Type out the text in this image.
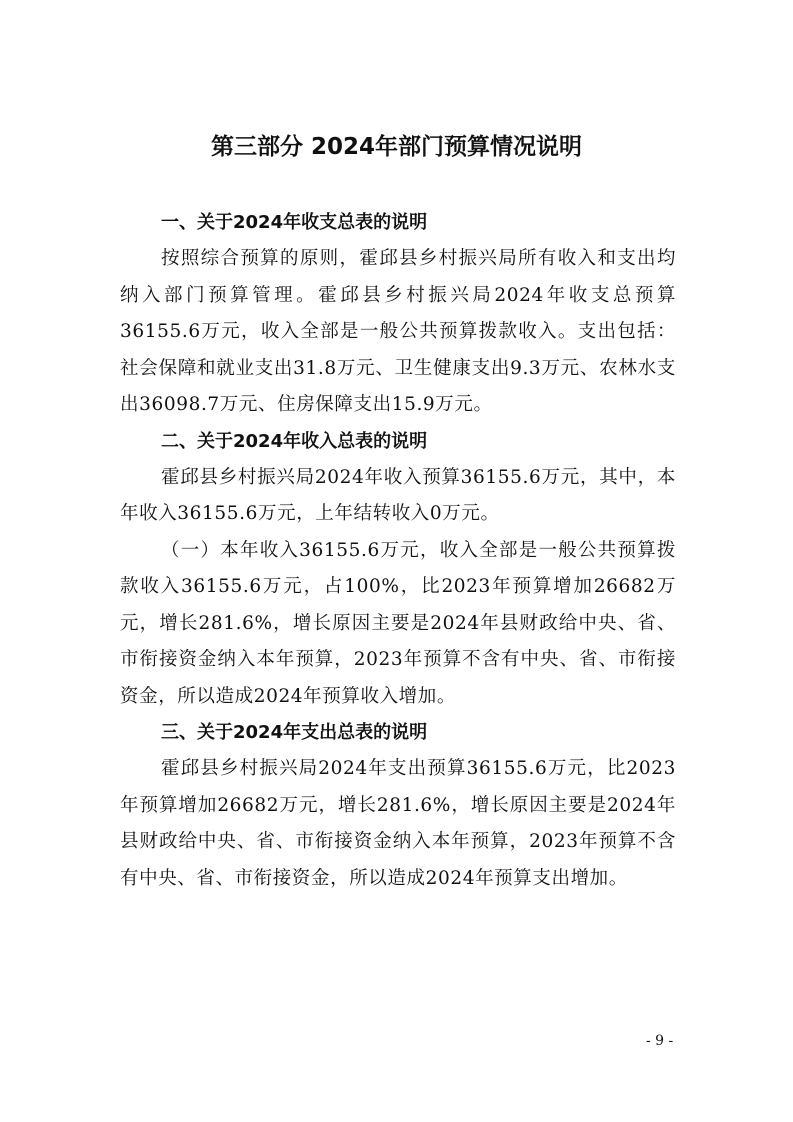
第三部分 2024年部门预算情况说明

一、关于2024年收支总表的说明

按照综合预算的原则，霍邱县乡村振兴局所有收入和支出均纳入部门预算管理。霍邱县乡村振兴局2024年收支总预算36155.6万元，收入全部是一般公共预算拨款收入。支出包括：社会保障和就业支出31.8万元、卫生健康支出9.3万元、农林水支出36098.7万元、住房保障支出15.9万元。

二、关于2024年收入总表的说明

霍邱县乡村振兴局2024年收入预算36155.6万元，其中，本年收入36155.6万元，上年结转收入0万元。

（一）本年收入36155.6万元，收入全部是一般公共预算拨款收入36155.6万元，占100%，比2023年预算增加26682万元，增长281.6%，增长原因主要是2024年县财政给中央、省、市衔接资金纳入本年预算，2023年预算不含有中央、省、市衔接资金，所以造成2024年预算收入增加。

三、关于2024年支出总表的说明

霍邱县乡村振兴局2024年支出预算36155.6万元，比2023年预算增加26682万元，增长281.6%，增长原因主要是2024年县财政给中央、省、市衔接资金纳入本年预算，2023年预算不含有中央、省、市衔接资金，所以造成2024年预算支出增加。

- 9 -
